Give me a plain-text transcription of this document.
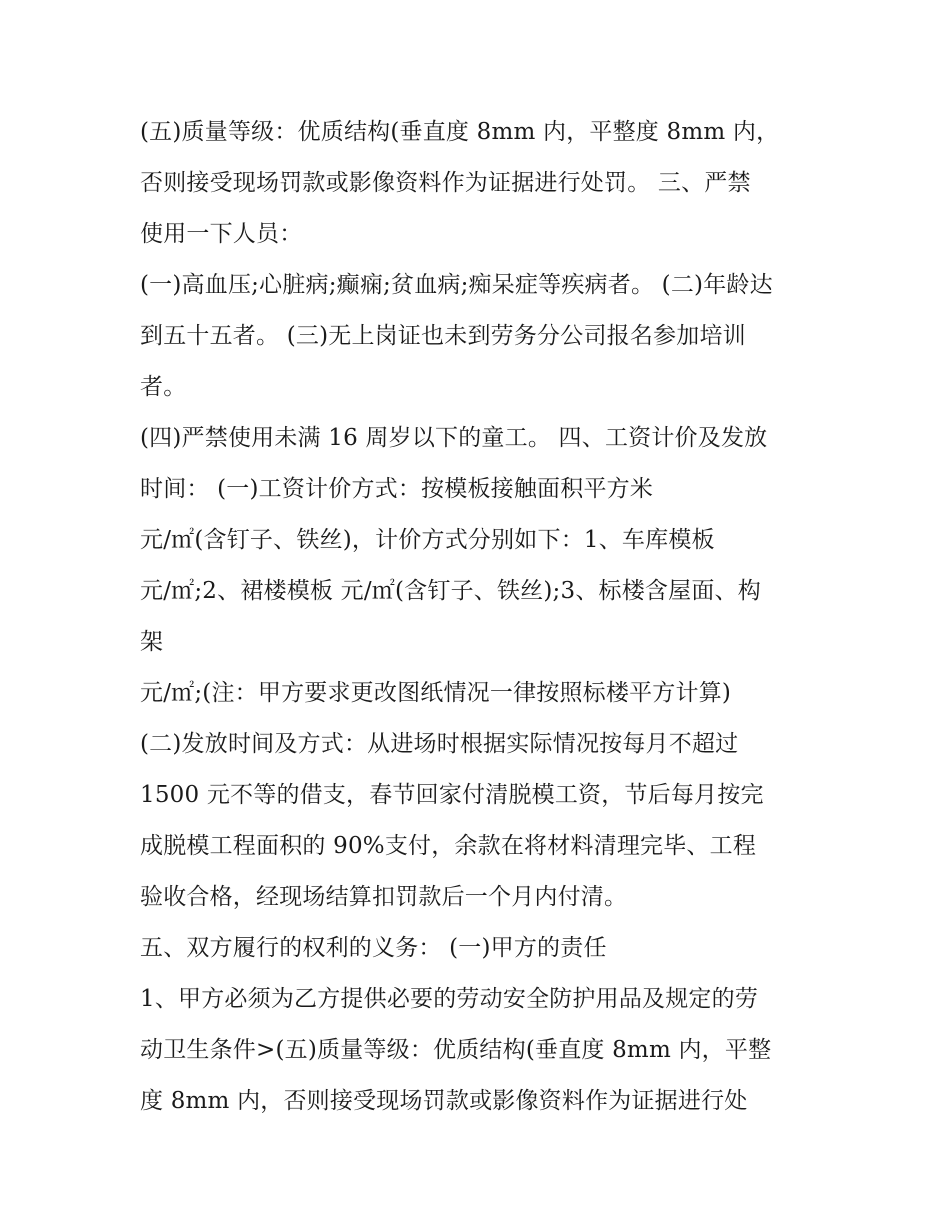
(五)质量等级：优质结构(垂直度 8mm 内，平整度 8mm 内，
否则接受现场罚款或影像资料作为证据进行处罚。 三、严禁
使用一下人员：
(一)高血压;心脏病;癫痫;贫血病;痴呆症等疾病者。 (二)年龄达
到五十五者。 (三)无上岗证也未到劳务分公司报名参加培训
者。
(四)严禁使用未满 16 周岁以下的童工。 四、工资计价及发放
时间： (一)工资计价方式：按模板接触面积平方米
元/㎡(含钉子、铁丝)，计价方式分别如下：1、车库模板
元/㎡;2、裙楼模板 元/㎡(含钉子、铁丝);3、标楼含屋面、构
架
元/㎡;(注：甲方要求更改图纸情况一律按照标楼平方计算)
(二)发放时间及方式：从进场时根据实际情况按每月不超过
1500 元不等的借支，春节回家付清脱模工资，节后每月按完
成脱模工程面积的 90%支付，余款在将材料清理完毕、工程
验收合格，经现场结算扣罚款后一个月内付清。
五、双方履行的权利的义务： (一)甲方的责任
1、甲方必须为乙方提供必要的劳动安全防护用品及规定的劳
动卫生条件>(五)质量等级：优质结构(垂直度 8mm 内，平整
度 8mm 内，否则接受现场罚款或影像资料作为证据进行处
